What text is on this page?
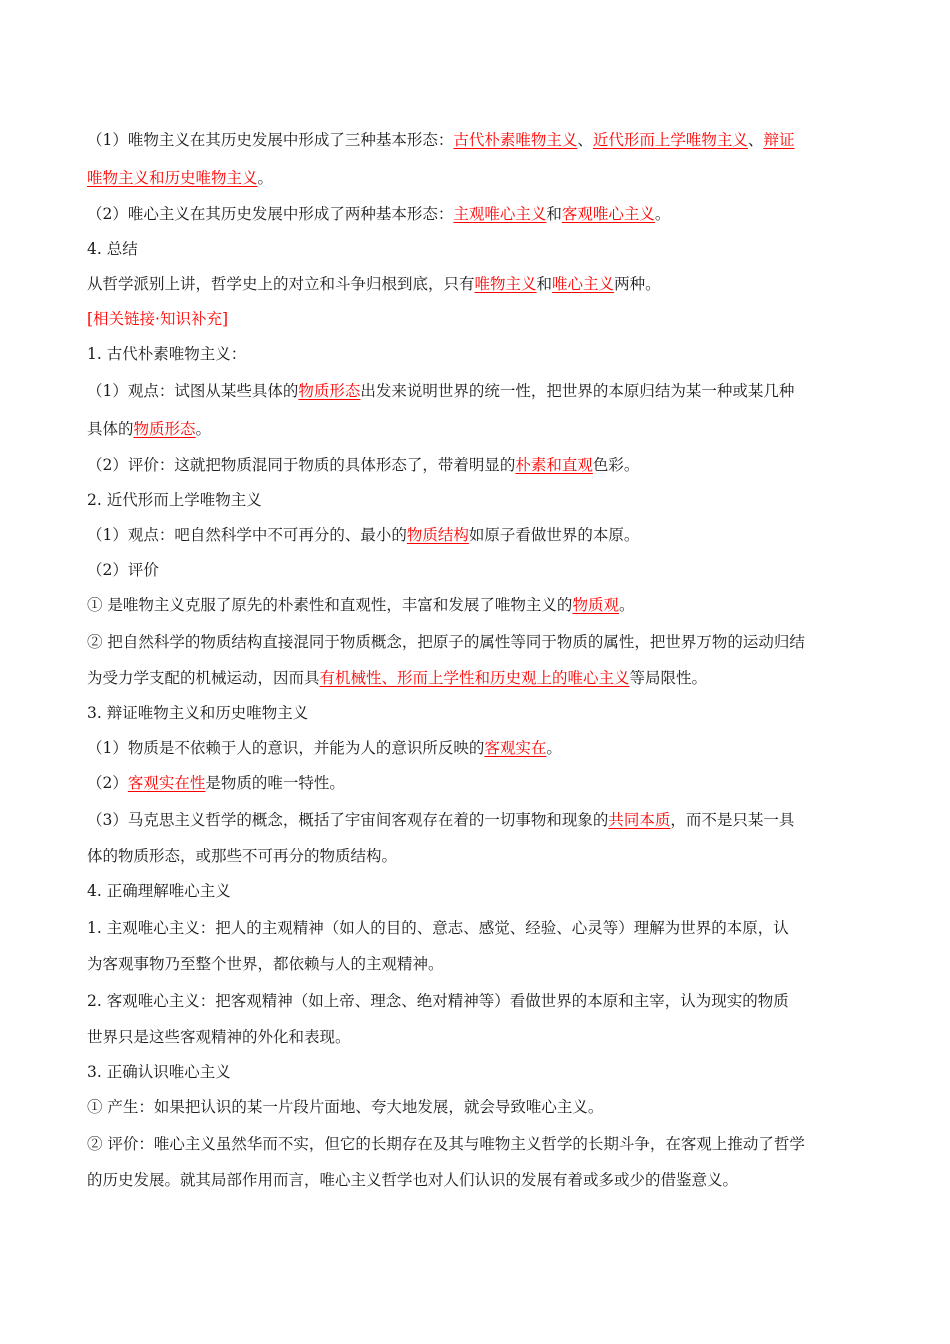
（1）唯物主义在其历史发展中形成了三种基本形态：古代朴素唯物主义、近代形而上学唯物主义、辩证
唯物主义和历史唯物主义。
（2）唯心主义在其历史发展中形成了两种基本形态：主观唯心主义和客观唯心主义。
4. 总结
从哲学派别上讲，哲学史上的对立和斗争归根到底，只有唯物主义和唯心主义两种。
[相关链接·知识补充]
1. 古代朴素唯物主义：
（1）观点：试图从某些具体的物质形态出发来说明世界的统一性，把世界的本原归结为某一种或某几种
具体的物质形态。
（2）评价：这就把物质混同于物质的具体形态了，带着明显的朴素和直观色彩。
2. 近代形而上学唯物主义
（1）观点：吧自然科学中不可再分的、最小的物质结构如原子看做世界的本原。
（2）评价
① 是唯物主义克服了原先的朴素性和直观性，丰富和发展了唯物主义的物质观。
② 把自然科学的物质结构直接混同于物质概念，把原子的属性等同于物质的属性，把世界万物的运动归结
为受力学支配的机械运动，因而具有机械性、形而上学性和历史观上的唯心主义等局限性。
3. 辩证唯物主义和历史唯物主义
（1）物质是不依赖于人的意识，并能为人的意识所反映的客观实在。
（2）客观实在性是物质的唯一特性。
（3）马克思主义哲学的概念，概括了宇宙间客观存在着的一切事物和现象的共同本质，而不是只某一具
体的物质形态，或那些不可再分的物质结构。
4. 正确理解唯心主义
1. 主观唯心主义：把人的主观精神（如人的目的、意志、感觉、经验、心灵等）理解为世界的本原，认
为客观事物乃至整个世界，都依赖与人的主观精神。
2. 客观唯心主义：把客观精神（如上帝、理念、绝对精神等）看做世界的本原和主宰，认为现实的物质
世界只是这些客观精神的外化和表现。
3. 正确认识唯心主义
① 产生：如果把认识的某一片段片面地、夸大地发展，就会导致唯心主义。
② 评价：唯心主义虽然华而不实，但它的长期存在及其与唯物主义哲学的长期斗争，在客观上推动了哲学
的历史发展。就其局部作用而言，唯心主义哲学也对人们认识的发展有着或多或少的借鉴意义。
